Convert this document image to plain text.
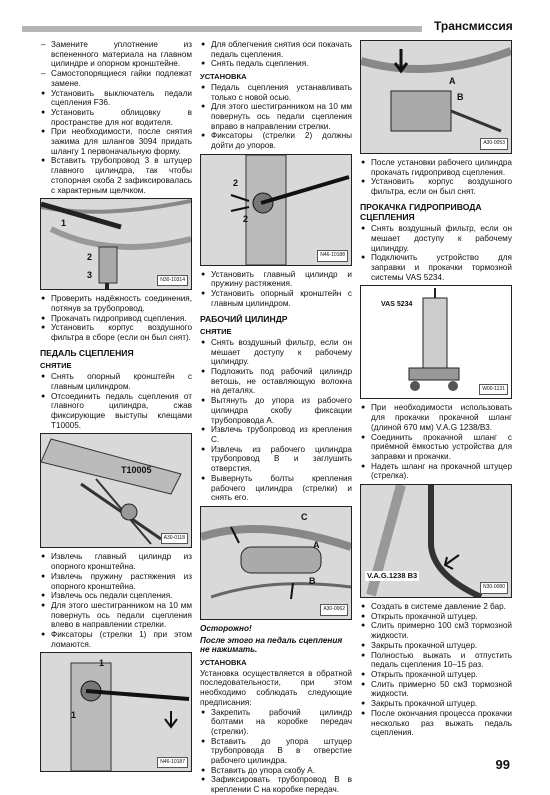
Трансмиссия

– Замените уплотнение из вспененного материала на главном цилиндре и опорном кронштейне.

– Самостопорящиеся гайки подлежат замене.

● Установить выключатель педали сцепления F36.

● Установить облицовку в пространстве для ног водителя.

● При необходимости, после снятия зажима для шлангов 3094 придать шлангу 1 первоначальную форму.

● Вставить трубопровод 3 в штуцер главного цилиндра, так чтобы стопорная скоба 2 зафиксировалась с характерным щелчком.

1
2
3	N30-10314

● Проверить надёжность соединения, потянув за трубопровод.

● Прокачать гидропривод сцепления.

● Установить корпус воздушного фильтра в сборе (если он был снят).

ПЕДАЛЬ СЦЕПЛЕНИЯ
СНЯТИЕ

● Снять опорный кронштейн с главным цилиндром.

● Отсоединить педаль сцепления от главного цилиндра, сжав фиксирующие выступы клещами T10005.

T10005
A30-0118

● Извлечь главный цилиндр из опорного кронштейна.

● Извлечь пружину растяжения из опорного кронштейна.

● Извлечь ось педали сцепления.

● Для этого шестигранником на 10 мм повернуть ось педали сцепления влево в направлении стрелки.

● Фиксаторы (стрелки 1) при этом ломаются.

1
1
N46-10187

● Для облегчения снятия оси покачать педаль сцепления.

● Снять педаль сцепления.

УСТАНОВКА

● Педаль сцепления устанавливать только с новой осью.

● Для этого шестигранником на 10 мм повернуть ось педали сцепления вправо в направлении стрелки.

● Фиксаторы (стрелки 2) должны дойти до упоров.

2
2
N46-10188

● Установить главный цилиндр и пружину растяжения.

● Установить опорный кронштейн с главным цилиндром.

РАБОЧИЙ ЦИЛИНДР
СНЯТИЕ

● Снять воздушный фильтр, если он мешает доступу к рабочему цилиндру.

● Подложить под рабочий цилиндр ветошь, не оставляющую волокна на деталях.

● Вытянуть до упора из рабочего цилиндра скобу фиксации трубопровода А.

● Извлечь трубопровод из крепления С.

● Извлечь из рабочего цилиндра трубопровод В и заглушить отверстия.

● Вывернуть болты крепления рабочего цилиндра (стрелки) и снять его.

C
A
B
A30-0062
Осторожно!
После этого на педаль сцепления не нажимать.
УСТАНОВКА

Установка осуществляется в обратной последовательности, при этом необходимо соблюдать следующие предписания:

● Закрепить рабочий цилиндр болтами на коробке передач (стрелки).

● Вставить до упора штуцер трубопровода В в отверстие рабочего цилиндра.

● Вставить до упора скобу А.

● Зафиксировать трубопровод В в креплении С на коробке передач.

A
B
A30-0053

● После установки рабочего цилиндра прокачать гидропривод сцепления.

● Установить корпус воздушного фильтра, если он был снят.

ПРОКАЧКА ГИДРОПРИВОДА СЦЕПЛЕНИЯ

● Снять воздушный фильтр, если он мешает доступу к рабочему цилиндру.

● Подключить устройство для заправки и прокачки тормозной системы VAS 5234.

VAS 5234
W00-1131

● При необходимости использовать для прокачки прокачной шланг (длиной 670 мм) V.A.G 1238/В3.

● Соединить прокачной шланг с приёмной ёмкостью устройства для заправки и прокачки.

● Надеть шланг на прокачной штуцер (стрелка).

V.A.G.1238 B3
N30-0080

● Создать в системе давление 2 бар.

● Открыть прокачной штуцер.

● Слить примерно 100 см3 тормозной жидкости.

● Закрыть прокачной штуцер.

● Полностью выжать и отпустить педаль сцепления 10–15 раз.

● Открыть прокачной штуцер.

● Слить примерно 50 см3 тормозной жидкости.

● Закрыть прокачной штуцер.

● После окончания процесса прокачки несколько раз выжать педаль сцепления.

99
